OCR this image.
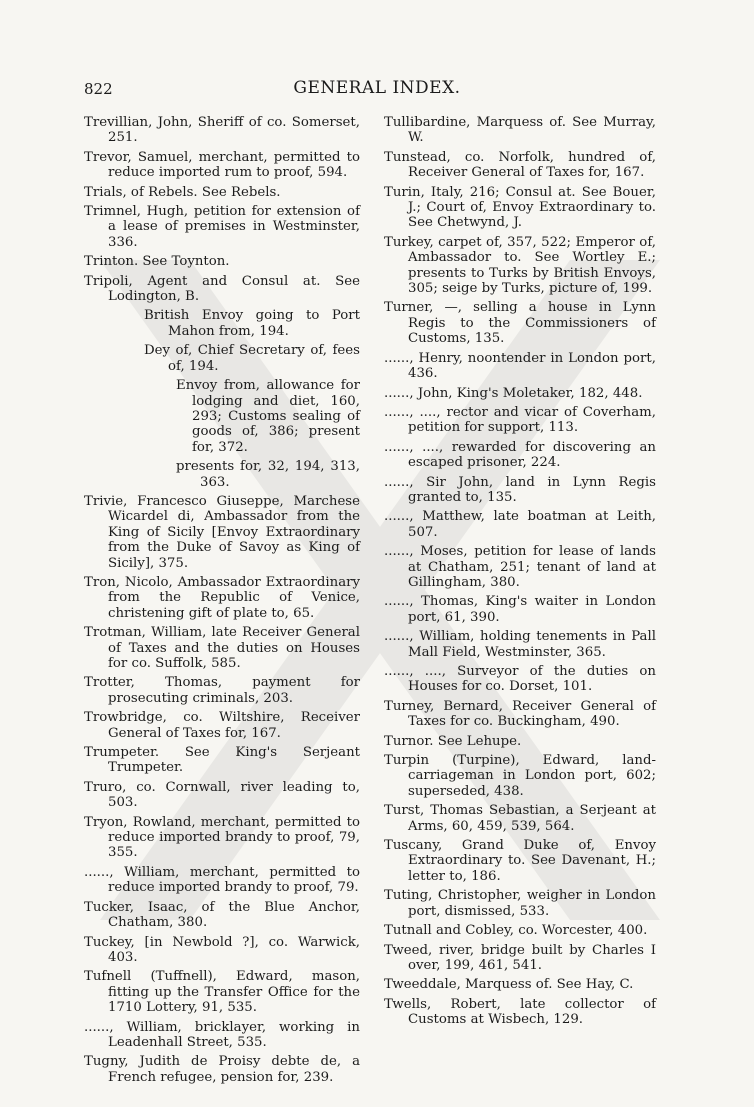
822	GENERAL INDEX.

Trevillian, John, Sheriff of co. Somerset, 251.

Trevor, Samuel, merchant, permitted to reduce imported rum to proof, 594.

Trials, of Rebels. See Rebels.

Trimnel, Hugh, petition for extension of a lease of premises in Westminster, 336.

Trinton. See Toynton.

Tripoli, Agent and Consul at. See Lodington, B.

British Envoy going to Port Mahon from, 194.

Dey of, Chief Secretary of, fees of, 194.

Envoy from, allowance for lodging and diet, 160, 293; Customs sealing of goods of, 386; present for, 372.

presents for, 32, 194, 313, 363.

Trivie, Francesco Giuseppe, Marchese Wicardel di, Ambassador from the King of Sicily [Envoy Extraordinary from the Duke of Savoy as King of Sicily], 375.

Tron, Nicolo, Ambassador Extraordinary from the Republic of Venice, christening gift of plate to, 65.

Trotman, William, late Receiver General of Taxes and the duties on Houses for co. Suffolk, 585.

Trotter, Thomas, payment for prosecuting criminals, 203.

Trowbridge, co. Wiltshire, Receiver General of Taxes for, 167.

Trumpeter. See King's Serjeant Trumpeter.

Truro, co. Cornwall, river leading to, 503.

Tryon, Rowland, merchant, permitted to reduce imported brandy to proof, 79, 355.

......, William, merchant, permitted to reduce imported brandy to proof, 79.

Tucker, Isaac, of the Blue Anchor, Chatham, 380.

Tuckey, [in Newbold ?], co. Warwick, 403.

Tufnell (Tuffnell), Edward, mason, fitting up the Transfer Office for the 1710 Lottery, 91, 535.

......, William, bricklayer, working in Leadenhall Street, 535.

Tugny, Judith de Proisy debte de, a French refugee, pension for, 239.

Tullibardine, Marquess of. See Murray, W.

Tunstead, co. Norfolk, hundred of, Receiver General of Taxes for, 167.

Turin, Italy, 216; Consul at. See Bouer, J.; Court of, Envoy Extraordinary to. See Chetwynd, J.

Turkey, carpet of, 357, 522; Emperor of, Ambassador to. See Wortley E.; presents to Turks by British Envoys, 305; seige by Turks, picture of, 199.

Turner, —, selling a house in Lynn Regis to the Commissioners of Customs, 135.

......, Henry, noontender in London port, 436.

......, John, King's Moletaker, 182, 448.

......, ...., rector and vicar of Coverham, petition for support, 113.

......, ...., rewarded for discovering an escaped prisoner, 224.

......, Sir John, land in Lynn Regis granted to, 135.

......, Matthew, late boatman at Leith, 507.

......, Moses, petition for lease of lands at Chatham, 251; tenant of land at Gillingham, 380.

......, Thomas, King's waiter in London port, 61, 390.

......, William, holding tenements in Pall Mall Field, Westminster, 365.

......, ...., Surveyor of the duties on Houses for co. Dorset, 101.

Turney, Bernard, Receiver General of Taxes for co. Buckingham, 490.

Turnor. See Lehupe.

Turpin (Turpine), Edward, land-carriageman in London port, 602; superseded, 438.

Turst, Thomas Sebastian, a Serjeant at Arms, 60, 459, 539, 564.

Tuscany, Grand Duke of, Envoy Extraordinary to. See Davenant, H.; letter to, 186.

Tuting, Christopher, weigher in London port, dismissed, 533.

Tutnall and Cobley, co. Worcester, 400.

Tweed, river, bridge built by Charles I over, 199, 461, 541.

Tweeddale, Marquess of. See Hay, C.

Twells, Robert, late collector of Customs at Wisbech, 129.
